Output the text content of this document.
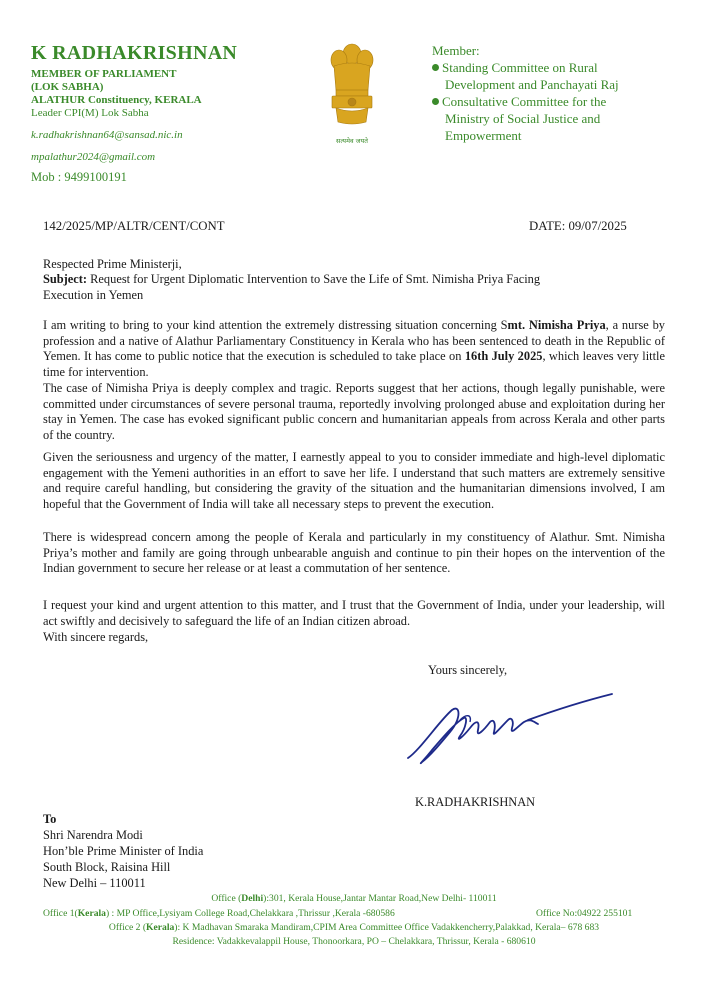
K RADHAKRISHNAN
MEMBER OF PARLIAMENT
(LOK SABHA)
ALATHUR Constituency, KERALA
Leader CPI(M) Lok Sabha
k.radhakrishnan64@sansad.nic.in
mpalathur2024@gmail.com
Mob : 9499100191
सत्यमेव जयते
Member:
Standing Committee on Rural
Development and Panchayati Raj
Consultative Committee for the
Ministry of Social Justice and
Empowerment
142/2025/MP/ALTR/CENT/CONT	DATE: 09/07/2025
Respected Prime Ministerji,
Subject: Request for Urgent Diplomatic Intervention to Save the Life of Smt. Nimisha Priya Facing
Execution in Yemen
I am writing to bring to your kind attention the extremely distressing situation concerning Smt. Nimisha Priya, a nurse by profession and a native of Alathur Parliamentary Constituency in Kerala who has been sentenced to death in the Republic of Yemen. It has come to public notice that the execution is scheduled to take place on 16th July 2025, which leaves very little time for intervention.
The case of Nimisha Priya is deeply complex and tragic. Reports suggest that her actions, though legally punishable, were committed under circumstances of severe personal trauma, reportedly involving prolonged abuse and exploitation during her stay in Yemen. The case has evoked significant public concern and humanitarian appeals from across Kerala and other parts of the country.
Given the seriousness and urgency of the matter, I earnestly appeal to you to consider immediate and high-level diplomatic engagement with the Yemeni authorities in an effort to save her life. I understand that such matters are extremely sensitive and require careful handling, but considering the gravity of the situation and the humanitarian dimensions involved, I am hopeful that the Government of India will take all necessary steps to prevent the execution.
There is widespread concern among the people of Kerala and particularly in my constituency of Alathur. Smt. Nimisha Priya’s mother and family are going through unbearable anguish and continue to pin their hopes on the intervention of the Indian government to secure her release or at least a commutation of her sentence.
I request your kind and urgent attention to this matter, and I trust that the Government of India, under your leadership, will act swiftly and decisively to safeguard the life of an Indian citizen abroad.
With sincere regards,
Yours sincerely,
K.RADHAKRISHNAN
To
Shri Narendra Modi
Hon’ble Prime Minister of India
South Block, Raisina Hill
New Delhi – 110011
Office (Delhi):301, Kerala House,Jantar Mantar Road,New Delhi- 110011
Office 1(Kerala) : MP Office,Lysiyam College Road,Chelakkara ,Thrissur ,Kerala -680586	Office No:04922 255101
Office 2 (Kerala): K Madhavan Smaraka Mandiram,CPIM Area Committee Office Vadakkencherry,Palakkad, Kerala– 678 683
Residence: Vadakkevalappil House, Thonoorkara, PO – Chelakkara, Thrissur, Kerala - 680610
